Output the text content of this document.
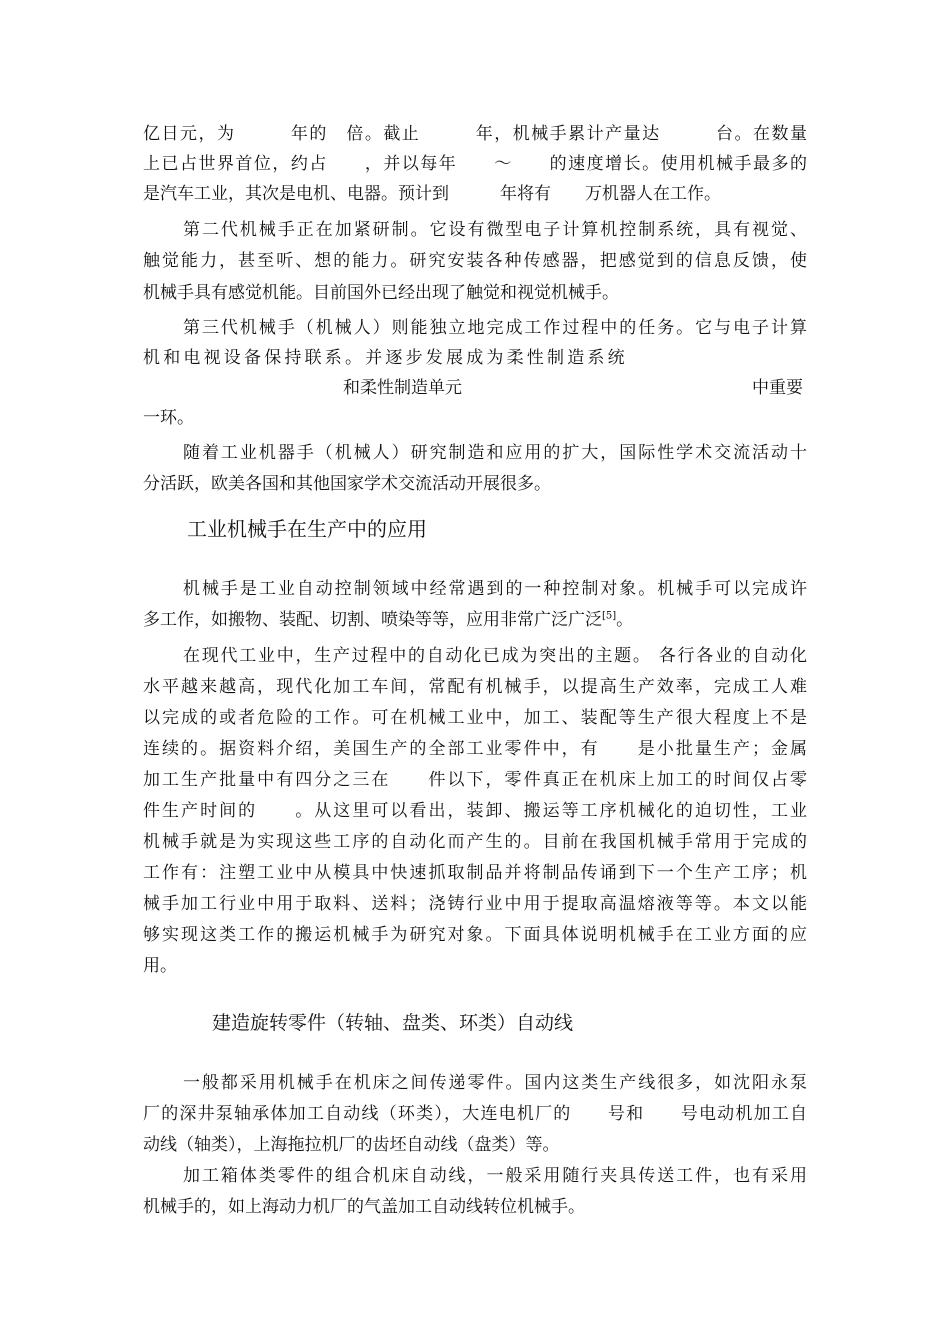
亿日元，为　　　年的　倍。截止　　　年，机械手累计产量达　　　台。在数量
上已占世界首位，约占　　，并以每年　　～　　的速度增长。使用机械手最多的
是汽车工业，其次是电机、电器。预计到　　　年将有　　万机器人在工作。
第二代机械手正在加紧研制。它设有微型电子计算机控制系统，具有视觉、
触觉能力，甚至听、想的能力。研究安装各种传感器，把感觉到的信息反馈，使
机械手具有感觉机能。目前国外已经出现了触觉和视觉机械手。
第三代机械手（机械人）则能独立地完成工作过程中的任务。它与电子计算
机和电视设备保持联系。并逐步发展成为柔性制造系统
和柔性制造单元	中重要
一环。
随着工业机器手（机械人）研究制造和应用的扩大，国际性学术交流活动十
分活跃，欧美各国和其他国家学术交流活动开展很多。
工业机械手在生产中的应用
机械手是工业自动控制领域中经常遇到的一种控制对象。机械手可以完成许
多工作，如搬物、装配、切割、喷染等等，应用非常广泛广泛[5]。
在现代工业中，生产过程中的自动化已成为突出的主题。 各行各业的自动化
水平越来越高，现代化加工车间，常配有机械手，以提高生产效率，完成工人难
以完成的或者危险的工作。可在机械工业中，加工、装配等生产很大程度上不是
连续的。据资料介绍，美国生产的全部工业零件中，有　　是小批量生产；金属
加工生产批量中有四分之三在　　件以下，零件真正在机床上加工的时间仅占零
件生产时间的　　。从这里可以看出，装卸、搬运等工序机械化的迫切性，工业
机械手就是为实现这些工序的自动化而产生的。目前在我国机械手常用于完成的
工作有：注塑工业中从模具中快速抓取制品并将制品传诵到下一个生产工序；机
械手加工行业中用于取料、送料；浇铸行业中用于提取高温熔液等等。本文以能
够实现这类工作的搬运机械手为研究对象。下面具体说明机械手在工业方面的应
用。
建造旋转零件（转轴、盘类、环类）自动线
一般都采用机械手在机床之间传递零件。国内这类生产线很多，如沈阳永泵
厂的深井泵轴承体加工自动线（环类），大连电机厂的　　号和　　号电动机加工自
动线（轴类），上海拖拉机厂的齿坯自动线（盘类）等。
加工箱体类零件的组合机床自动线，一般采用随行夹具传送工件，也有采用
机械手的，如上海动力机厂的气盖加工自动线转位机械手。
